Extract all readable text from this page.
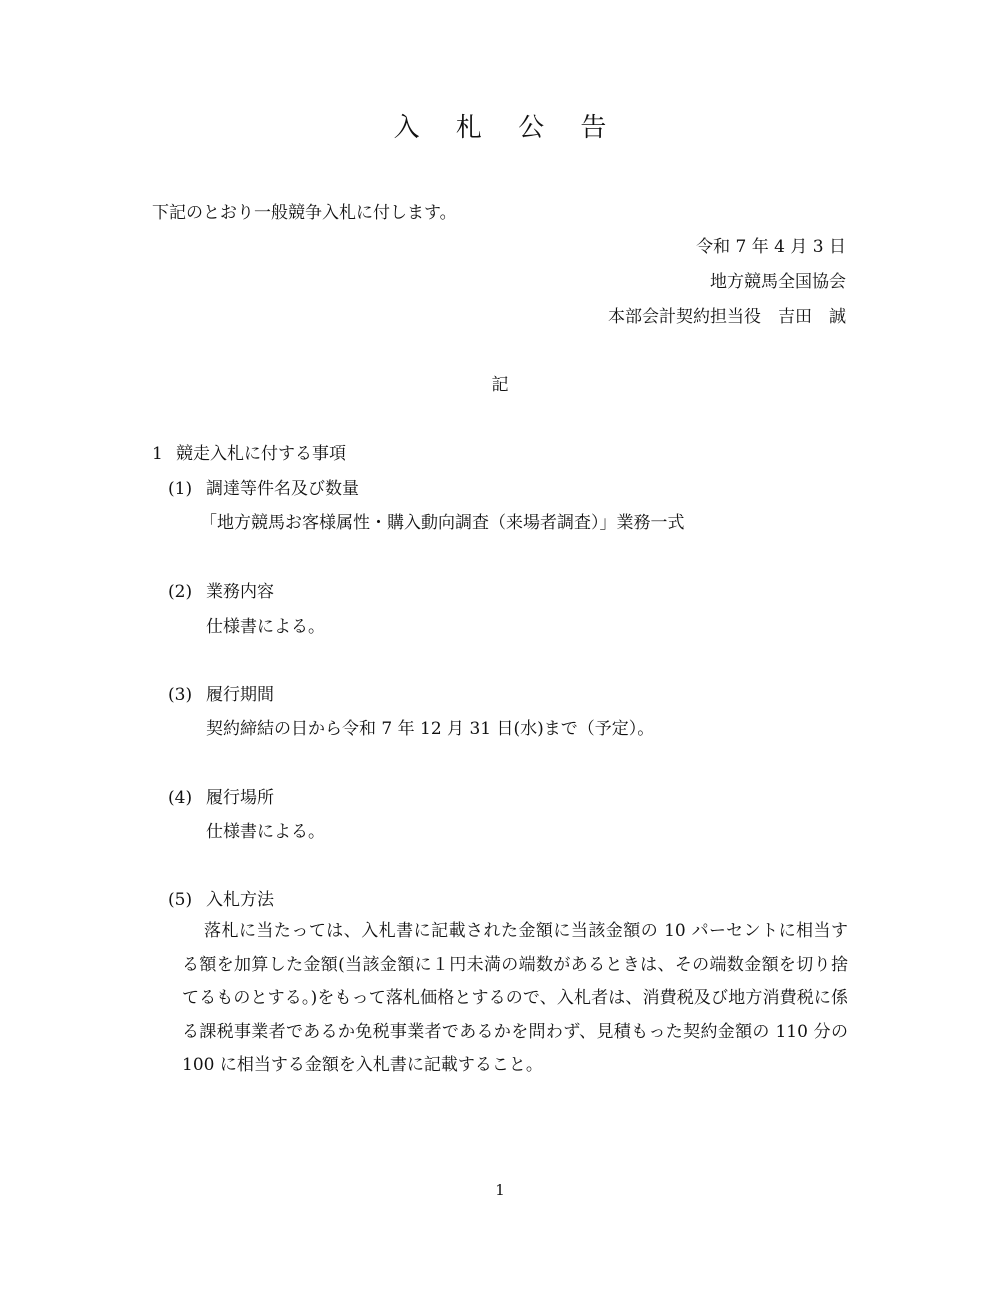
入 札 公 告
下記のとおり一般競争入札に付します。
令和 7 年 4 月 3 日
地方競馬全国協会
本部会計契約担当役　吉田　誠
記
1 競走入札に付する事項
(1) 調達等件名及び数量
「地方競馬お客様属性・購入動向調査（来場者調査）」業務一式
(2) 業務内容
仕様書による。
(3) 履行期間
契約締結の日から令和 7 年 12 月 31 日(水)まで（予定）。
(4) 履行場所
仕様書による。
(5) 入札方法
落札に当たっては、入札書に記載された金額に当該金額の 10 パーセントに相当する額を加算した金額(当該金額に１円未満の端数があるときは、その端数金額を切り捨てるものとする。)をもって落札価格とするので、入札者は、消費税及び地方消費税に係る課税事業者であるか免税事業者であるかを問わず、見積もった契約金額の 110 分の 100 に相当する金額を入札書に記載すること。
1
